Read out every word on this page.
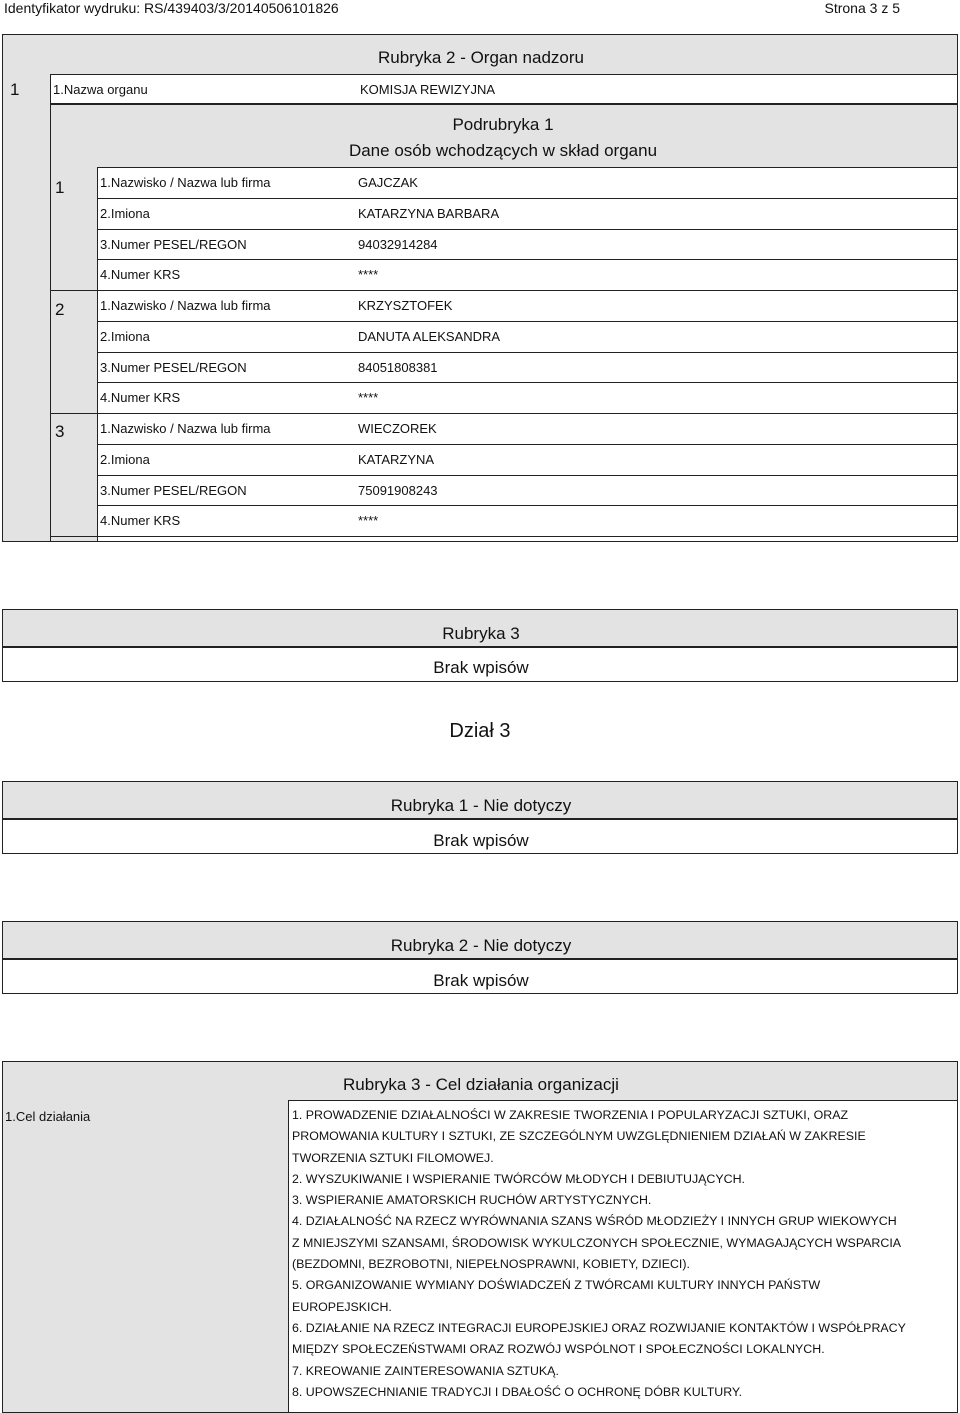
Identyfikator wydruku: RS/439403/3/20140506101826	Strona 3 z 5
Rubryka 2 - Organ nadzoru
1	1.Nazwa organu	KOMISJA REWIZYJNA
Podrubryka 1
Dane osób wchodzących w skład organu
1	1.Nazwisko / Nazwa lub firma	GAJCZAK
2.Imiona	KATARZYNA BARBARA
3.Numer PESEL/REGON	94032914284
4.Numer KRS	****
2	1.Nazwisko / Nazwa lub firma	KRZYSZTOFEK
2.Imiona	DANUTA ALEKSANDRA
3.Numer PESEL/REGON	84051808381
4.Numer KRS	****
3	1.Nazwisko / Nazwa lub firma	WIECZOREK
2.Imiona	KATARZYNA
3.Numer PESEL/REGON	75091908243
4.Numer KRS	****
Rubryka 3
Brak wpisów
Dział 3
Rubryka 1 - Nie dotyczy
Brak wpisów
Rubryka 2 - Nie dotyczy
Brak wpisów
Rubryka 3 - Cel działania organizacji
1.Cel działania	1. PROWADZENIE DZIAŁALNOŚCI W ZAKRESIE TWORZENIA I POPULARYZACJI SZTUKI, ORAZ
PROMOWANIA KULTURY I SZTUKI, ZE SZCZEGÓLNYM UWZGLĘDNIENIEM DZIAŁAŃ W ZAKRESIE
TWORZENIA SZTUKI FILOMOWEJ.
2. WYSZUKIWANIE I WSPIERANIE TWÓRCÓW MŁODYCH I DEBIUTUJĄCYCH.
3. WSPIERANIE AMATORSKICH RUCHÓW ARTYSTYCZNYCH.
4. DZIAŁALNOŚĆ NA RZECZ WYRÓWNANIA SZANS WŚRÓD MŁODZIEŻY I INNYCH GRUP WIEKOWYCH
Z MNIEJSZYMI SZANSAMI, ŚRODOWISK WYKULCZONYCH SPOŁECZNIE, WYMAGAJĄCYCH WSPARCIA
(BEZDOMNI, BEZROBOTNI, NIEPEŁNOSPRAWNI, KOBIETY, DZIECI).
5. ORGANIZOWANIE WYMIANY DOŚWIADCZEŃ Z TWÓRCAMI KULTURY INNYCH PAŃSTW
EUROPEJSKICH.
6. DZIAŁANIE NA RZECZ INTEGRACJI EUROPEJSKIEJ ORAZ ROZWIJANIE KONTAKTÓW I WSPÓŁPRACY
MIĘDZY SPOŁECZEŃSTWAMI ORAZ ROZWÓJ WSPÓLNOT I SPOŁECZNOŚCI LOKALNYCH.
7. KREOWANIE ZAINTERESOWANIA SZTUKĄ.
8. UPOWSZECHNIANIE TRADYCJI I DBAŁOŚĆ O OCHRONĘ DÓBR KULTURY.
